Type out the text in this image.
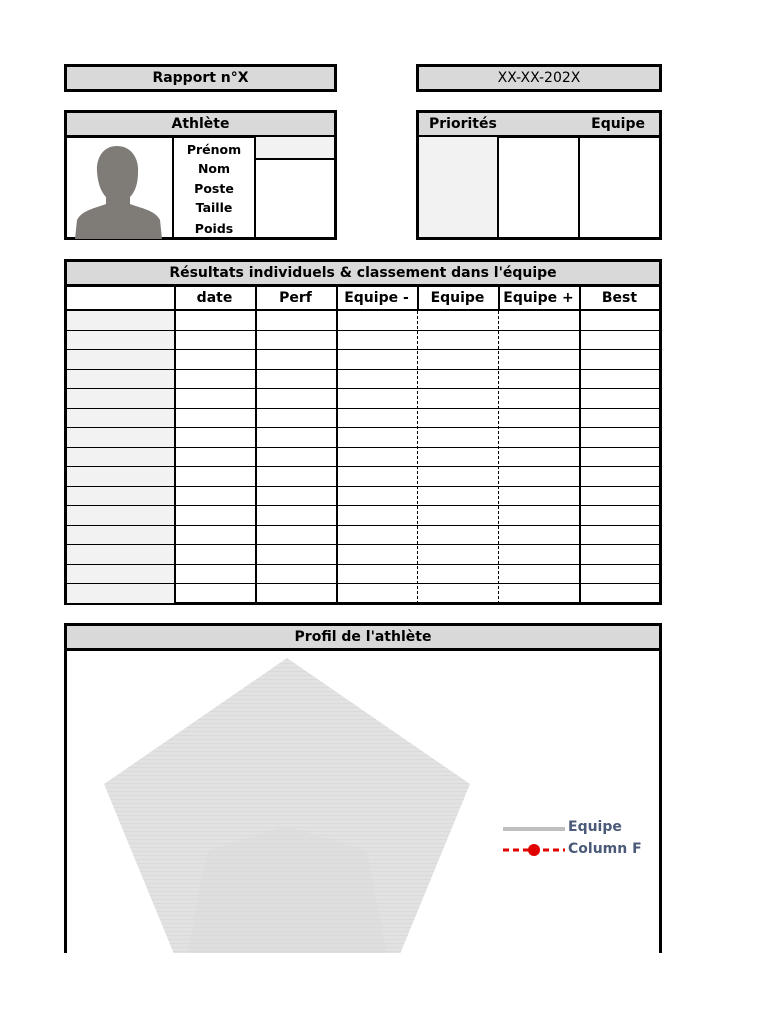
Rapport n°X	XX-XX-202X
Athlète
Prénom
Nom
Poste
Taille
Poids
Priorités	Equipe
Résultats individuels & classement dans l'équipe
date	Perf	Equipe -	Equipe	Equipe +	Best
Profil de l'athlète
Equipe
Column F
